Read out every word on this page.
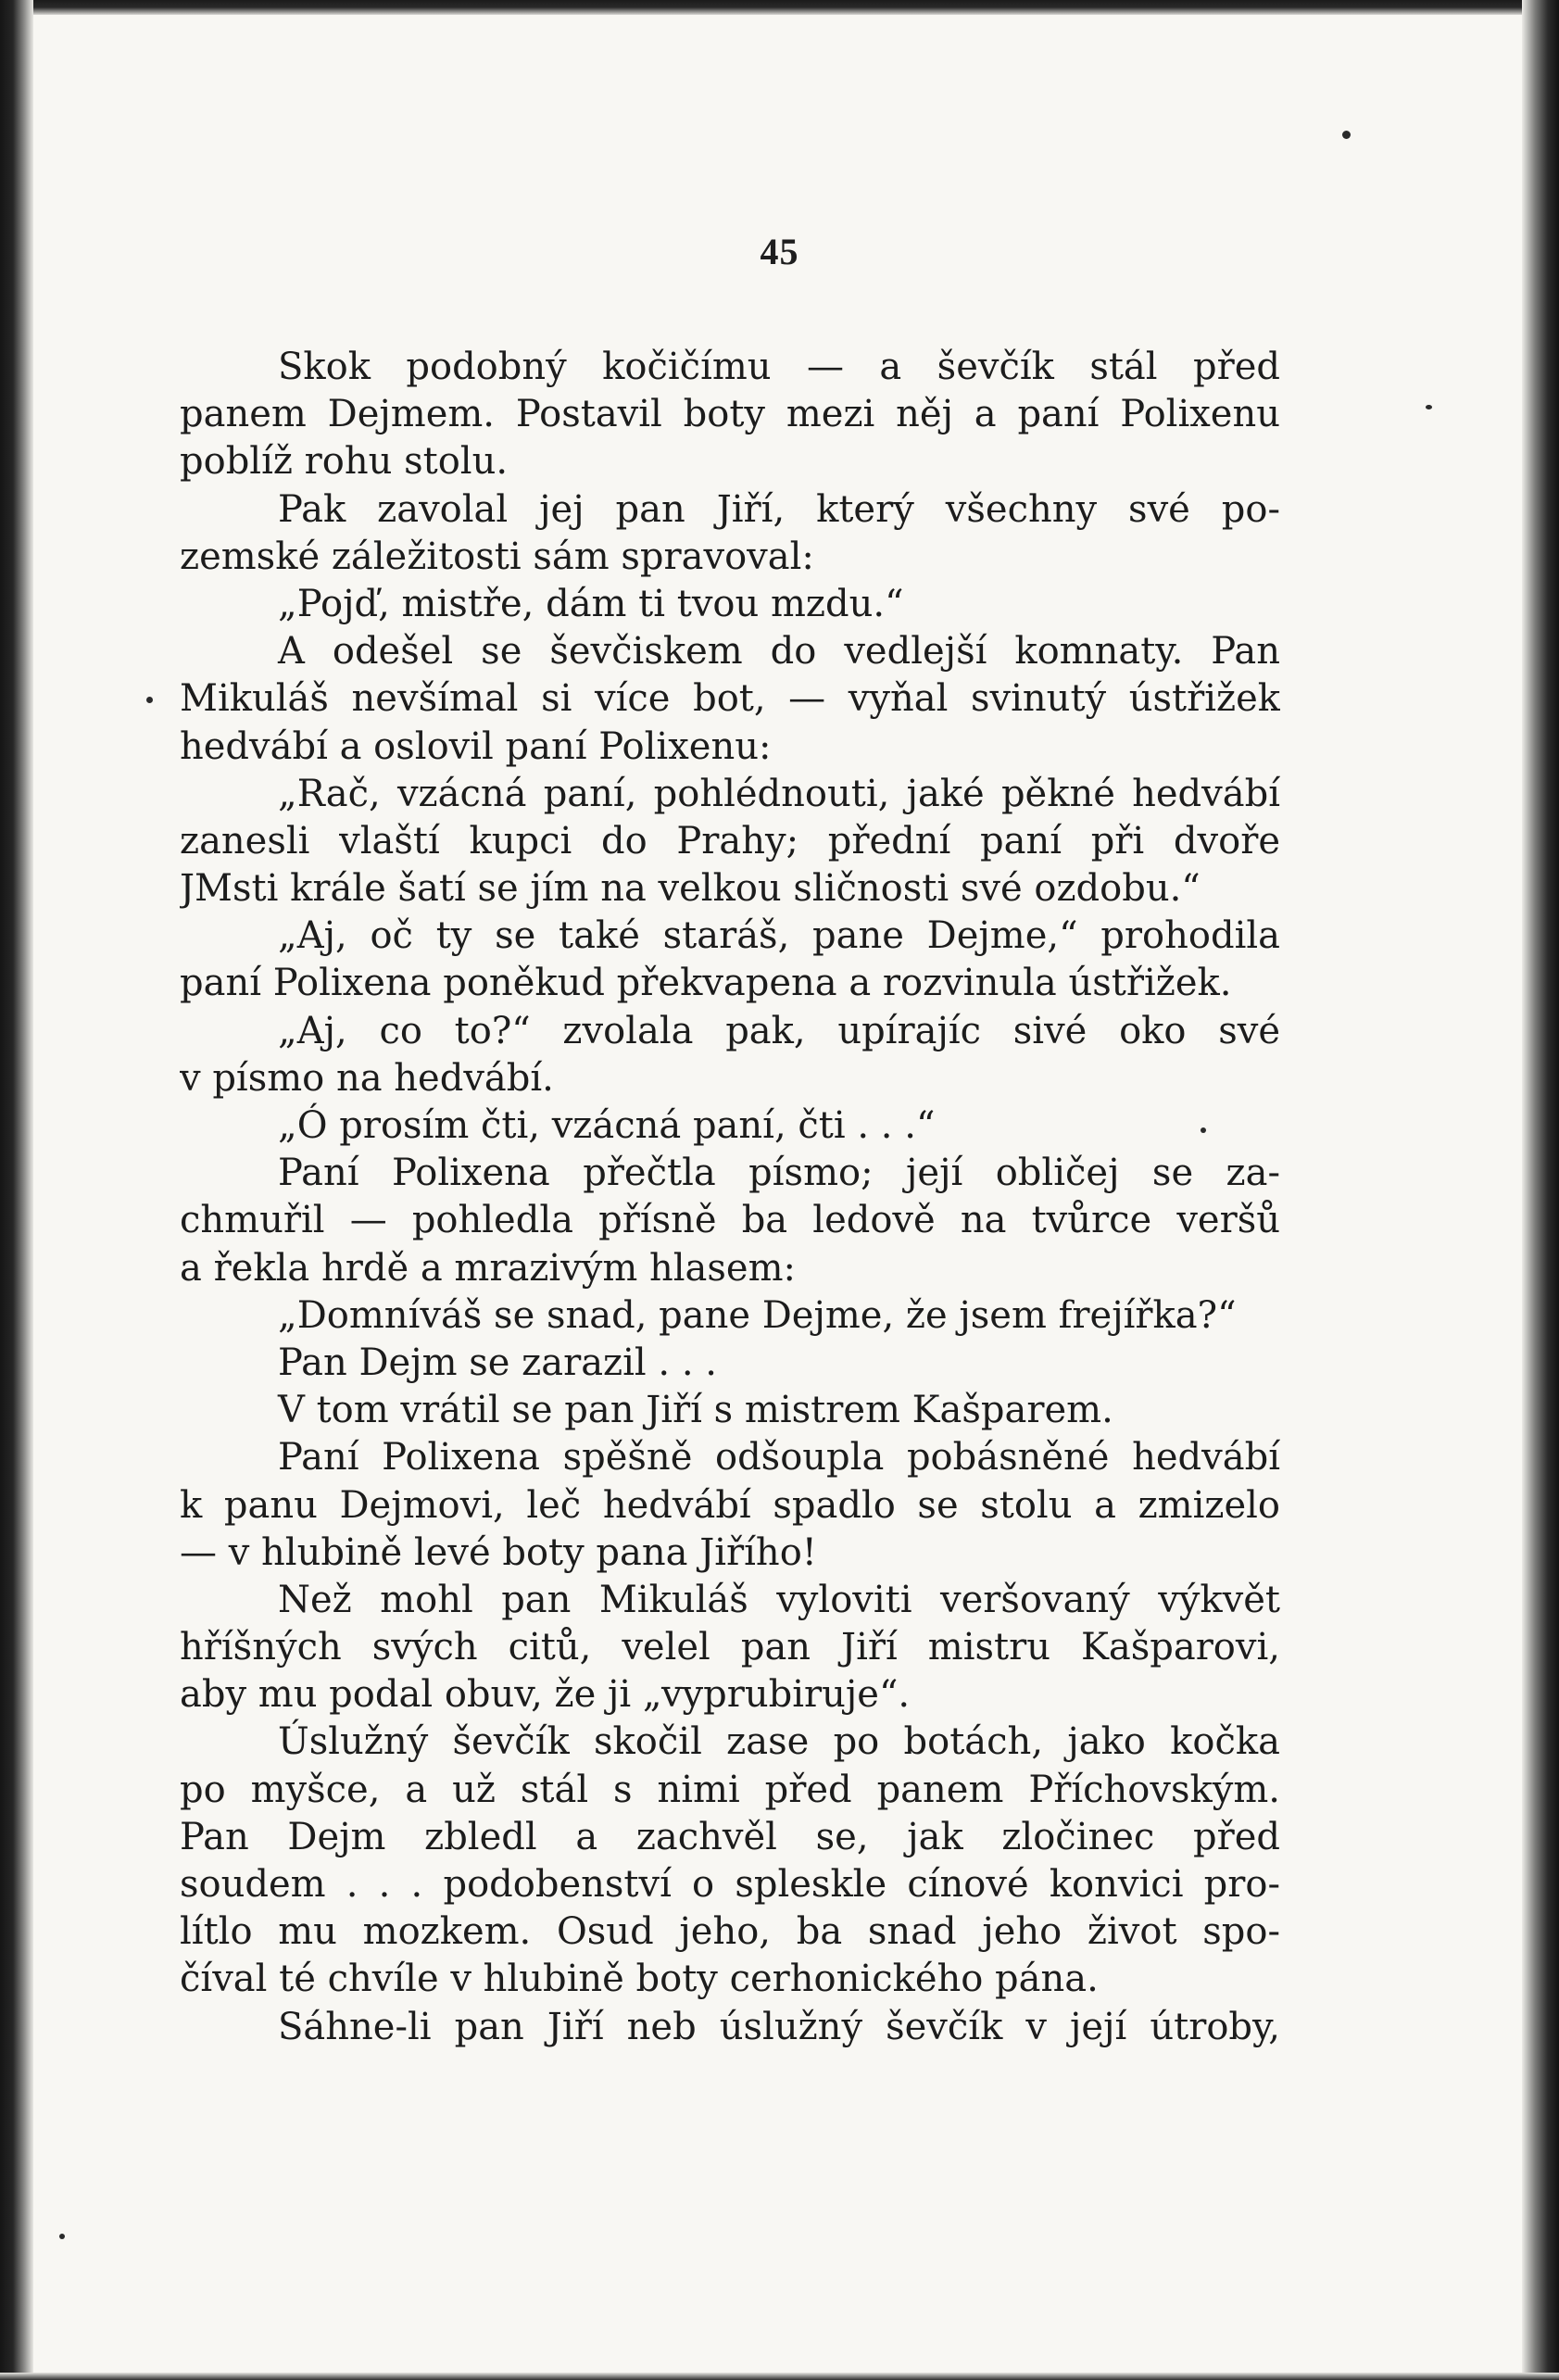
45
Skok podobný kočičímu — a ševčík stál před
panem Dejmem. Postavil boty mezi něj a paní Polixenu
poblíž rohu stolu.
Pak zavolal jej pan Jiří, který všechny své po-
zemské záležitosti sám spravoval:
„Pojď, mistře, dám ti tvou mzdu.“
A odešel se ševčiskem do vedlejší komnaty. Pan
Mikuláš nevšímal si více bot, — vyňal svinutý ústřižek
hedvábí a oslovil paní Polixenu:
„Rač, vzácná paní, pohlédnouti, jaké pěkné hedvábí
zanesli vlaští kupci do Prahy; přední paní při dvoře
JMsti krále šatí se jím na velkou sličnosti své ozdobu.“
„Aj, oč ty se také staráš, pane Dejme,“ prohodila
paní Polixena poněkud překvapena a rozvinula ústřižek.
„Aj, co to?“ zvolala pak, upírajíc sivé oko své
v písmo na hedvábí.
„Ó prosím čti, vzácná paní, čti . . .“
Paní Polixena přečtla písmo; její obličej se za-
chmuřil — pohledla přísně ba ledově na tvůrce veršů
a řekla hrdě a mrazivým hlasem:
„Domníváš se snad, pane Dejme, že jsem frejířka?“
Pan Dejm se zarazil . . .
V tom vrátil se pan Jiří s mistrem Kašparem.
Paní Polixena spěšně odšoupla pobásněné hedvábí
k panu Dejmovi, leč hedvábí spadlo se stolu a zmizelo
— v hlubině levé boty pana Jiřího!
Než mohl pan Mikuláš vyloviti veršovaný výkvět
hříšných svých citů, velel pan Jiří mistru Kašparovi,
aby mu podal obuv, že ji „vyprubiruje“.
Úslužný ševčík skočil zase po botách, jako kočka
po myšce, a už stál s nimi před panem Příchovským.
Pan Dejm zbledl a zachvěl se, jak zločinec před
soudem . . . podobenství o spleskle cínové konvici pro-
lítlo mu mozkem. Osud jeho, ba snad jeho život spo-
číval té chvíle v hlubině boty cerhonického pána.
Sáhne-li pan Jiří neb úslužný ševčík v její útroby,
